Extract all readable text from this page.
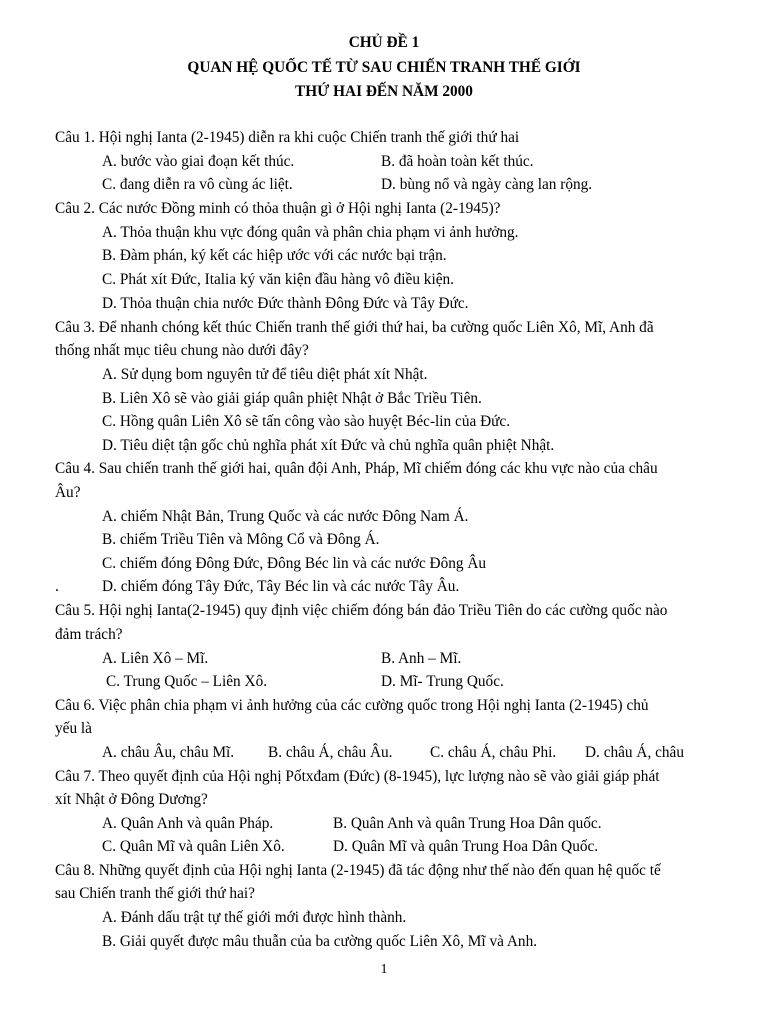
CHỦ ĐỀ 1
QUAN HỆ QUỐC TẾ TỪ SAU CHIẾN TRANH THẾ GIỚI
THỨ HAI ĐẾN NĂM 2000
Câu 1. Hội nghị Ianta (2-1945) diễn ra khi cuộc Chiến tranh thế giới thứ hai
A. bước vào giai đoạn kết thúc.	B. đã hoàn toàn kết thúc.
C. đang diễn ra vô cùng ác liệt.	D. bùng nổ và ngày càng lan rộng.
Câu 2. Các nước Đồng minh có thỏa thuận gì ở Hội nghị Ianta (2-1945)?
A. Thỏa thuận khu vực đóng quân và phân chia phạm vi ảnh hưởng.
B. Đàm phán, ký kết các hiệp ước với các nước bại trận.
C. Phát xít Đức, Italia ký văn kiện đầu hàng vô điều kiện.
D. Thỏa thuận chia nước Đức thành Đông Đức và Tây Đức.
Câu 3. Để nhanh chóng kết thúc Chiến tranh thế giới thứ hai, ba cường quốc Liên Xô, Mĩ, Anh đã
thống nhất mục tiêu chung nào dưới đây?
A. Sử dụng bom nguyên tử để tiêu diệt phát xít Nhật.
B. Liên Xô sẽ vào giải giáp quân phiệt Nhật ở Bắc Triều Tiên.
C. Hồng quân Liên Xô sẽ tấn công vào sào huyệt Béc-lin của Đức.
D. Tiêu diệt tận gốc chủ nghĩa phát xít Đức và chủ nghĩa quân phiệt Nhật.
Câu 4. Sau chiến tranh thế giới hai, quân đội Anh, Pháp, Mĩ chiếm đóng các khu vực nào của châu
Âu?
A. chiếm Nhật Bản, Trung Quốc và các nước Đông Nam Á.
B. chiếm Triều Tiên và Mông Cổ và Đông Á.
C. chiếm đóng Đông Đức, Đông Béc lin và các nước Đông Âu
.	D. chiếm đóng Tây Đức, Tây Béc lin và các nước Tây Âu.
Câu 5. Hội nghị Ianta(2-1945) quy định việc chiếm đóng bán đảo Triều Tiên do các cường quốc nào
đảm trách?
A. Liên Xô – Mĩ.	B. Anh – Mĩ.
C. Trung Quốc – Liên Xô.	D. Mĩ- Trung Quốc.
Câu 6. Việc phân chia phạm vi ảnh hưởng của các cường quốc trong Hội nghị Ianta (2-1945) chủ
yếu là
A. châu Âu, châu Mĩ. B. châu Á, châu Âu. C. châu Á, châu Phi. D. châu Á, châu
Câu 7. Theo quyết định của Hội nghị Pốtxđam (Đức) (8-1945), lực lượng nào sẽ vào giải giáp phát
xít Nhật ở Đông Dương?
A. Quân Anh và quân Pháp.	B. Quân Anh và quân Trung Hoa Dân quốc.
C. Quân Mĩ và quân Liên Xô.	D. Quân Mĩ và quân Trung Hoa Dân Quốc.
Câu 8. Những quyết định của Hội nghị Ianta (2-1945) đã tác động như thế nào đến quan hệ quốc tế
sau Chiến tranh thế giới thứ hai?
A. Đánh dấu trật tự thế giới mới được hình thành.
B. Giải quyết được mâu thuẫn của ba cường quốc Liên Xô, Mĩ và Anh.
1
